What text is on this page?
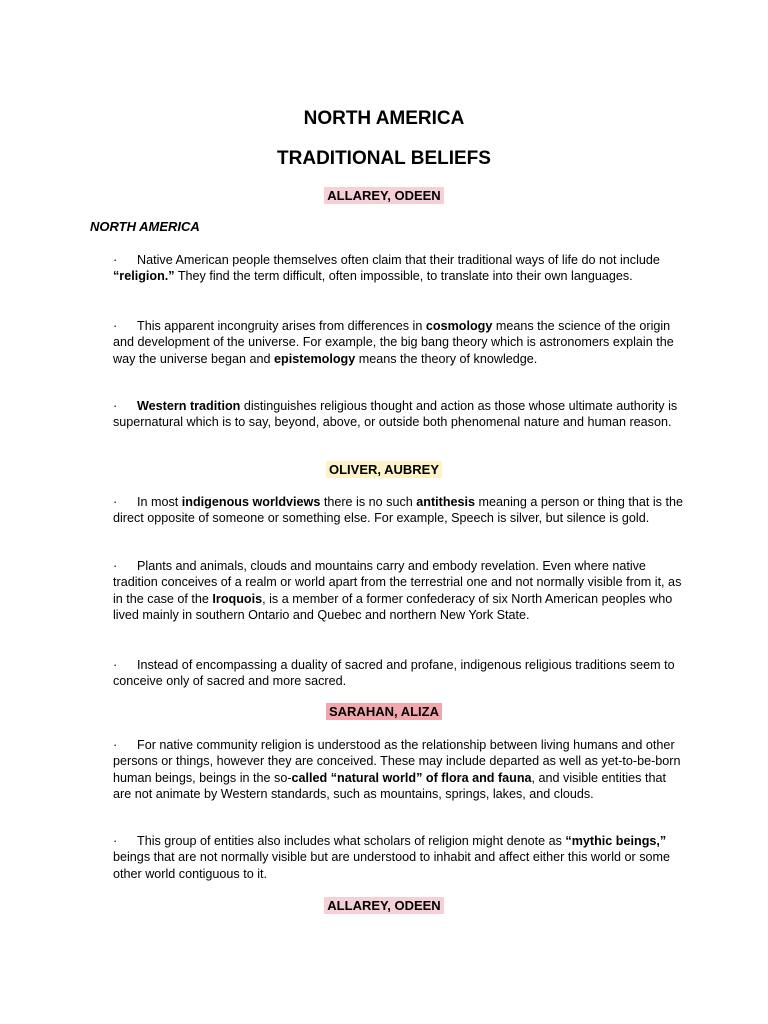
NORTH AMERICA
TRADITIONAL BELIEFS

ALLAREY, ODEEN

NORTH AMERICA

· Native American people themselves often claim that their traditional ways of life do not include “religion.” They find the term difficult, often impossible, to translate into their own languages.

· This apparent incongruity arises from differences in cosmology means the science of the origin and development of the universe. For example, the big bang theory which is astronomers explain the way the universe began and epistemology means the theory of knowledge.

· Western tradition distinguishes religious thought and action as those whose ultimate authority is supernatural which is to say, beyond, above, or outside both phenomenal nature and human reason.

OLIVER, AUBREY

· In most indigenous worldviews there is no such antithesis meaning a person or thing that is the direct opposite of someone or something else. For example, Speech is silver, but silence is gold.

· Plants and animals, clouds and mountains carry and embody revelation. Even where native tradition conceives of a realm or world apart from the terrestrial one and not normally visible from it, as in the case of the Iroquois, is a member of a former confederacy of six North American peoples who lived mainly in southern Ontario and Quebec and northern New York State.

· Instead of encompassing a duality of sacred and profane, indigenous religious traditions seem to conceive only of sacred and more sacred.

SARAHAN, ALIZA

· For native community religion is understood as the relationship between living humans and other persons or things, however they are conceived. These may include departed as well as yet-to-be-born human beings, beings in the so-called “natural world” of flora and fauna, and visible entities that are not animate by Western standards, such as mountains, springs, lakes, and clouds.

· This group of entities also includes what scholars of religion might denote as “mythic beings,” beings that are not normally visible but are understood to inhabit and affect either this world or some other world contiguous to it.

ALLAREY, ODEEN
